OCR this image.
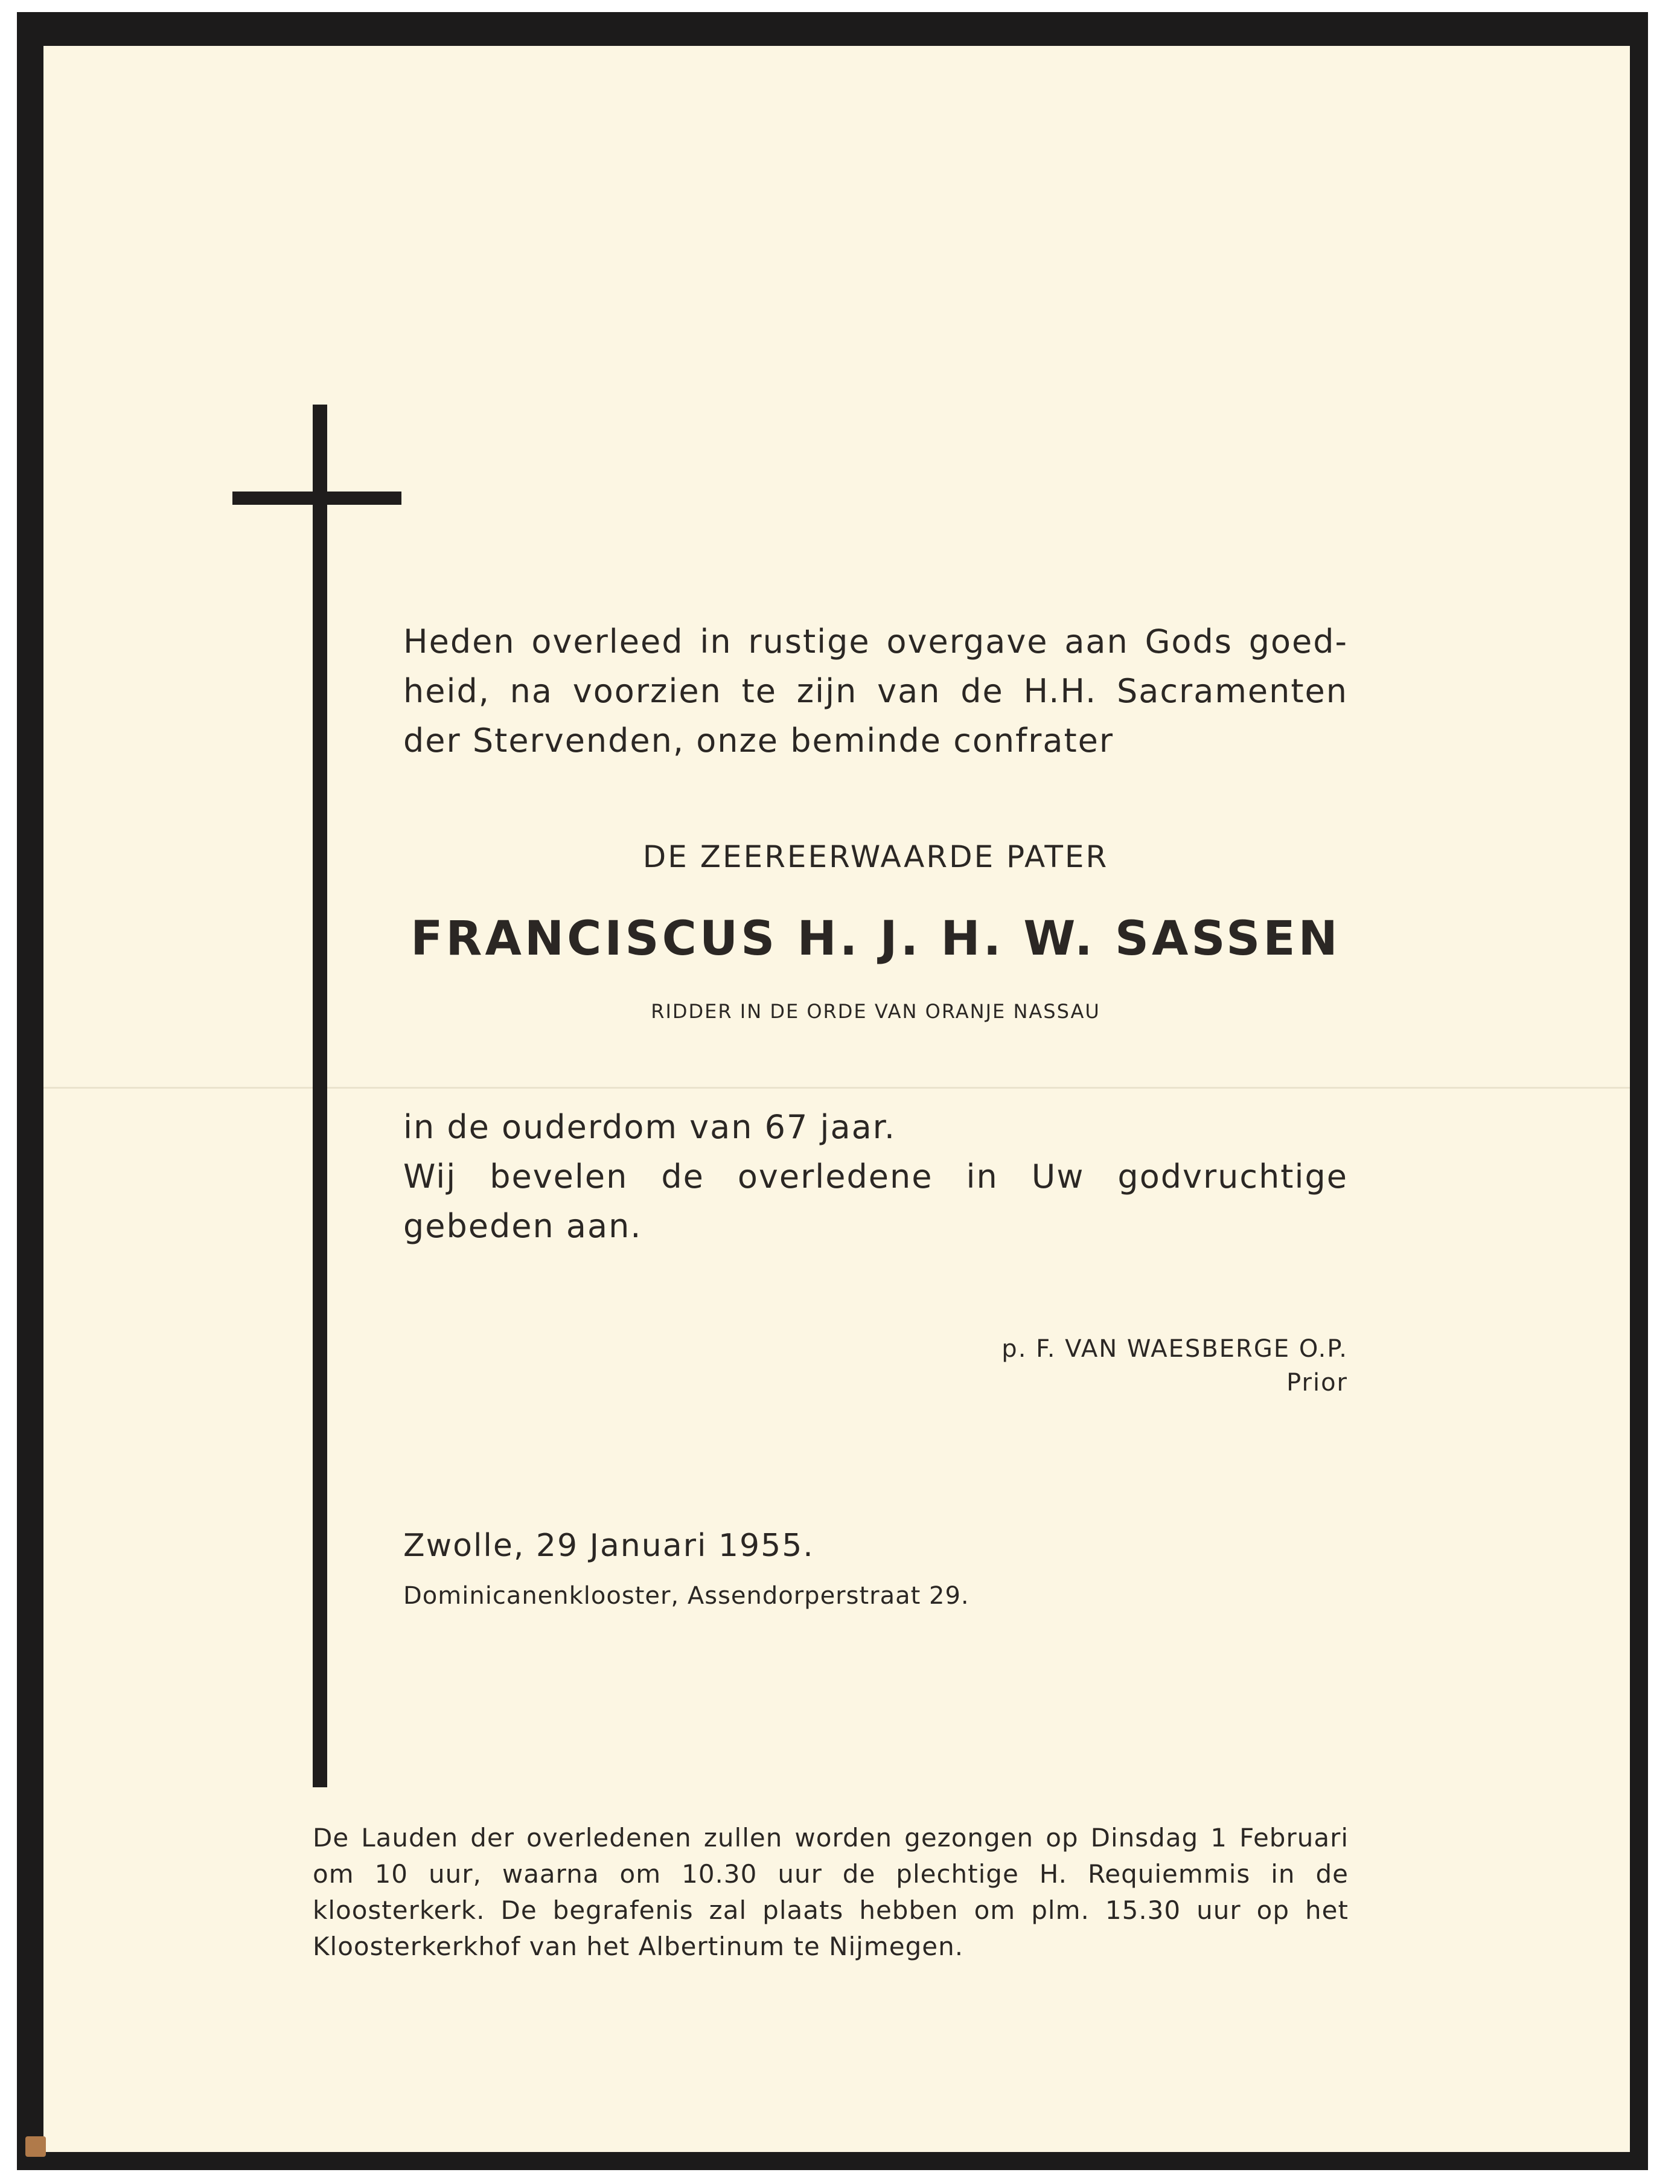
Heden overleed in rustige overgave aan Gods goed-heid, na voorzien te zijn van de H.H. Sacramenten der Stervenden, onze beminde confrater
DE ZEEREERWAARDE PATER
FRANCISCUS H. J. H. W. SASSEN
RIDDER IN DE ORDE VAN ORANJE NASSAU
in de ouderdom van 67 jaar.
Wij bevelen de overledene in Uw godvruchtige gebeden aan.
p. F. VAN WAESBERGE O.P.
Prior
Zwolle, 29 Januari 1955.
Dominicanenklooster, Assendorperstraat 29.
De Lauden der overledenen zullen worden gezongen op Dinsdag 1 Februari om 10 uur, waarna om 10.30 uur de plechtige H. Requiemmis in de kloosterkerk. De begrafenis zal plaats hebben om plm. 15.30 uur op het Kloosterkerkhof van het Albertinum te Nijmegen.
